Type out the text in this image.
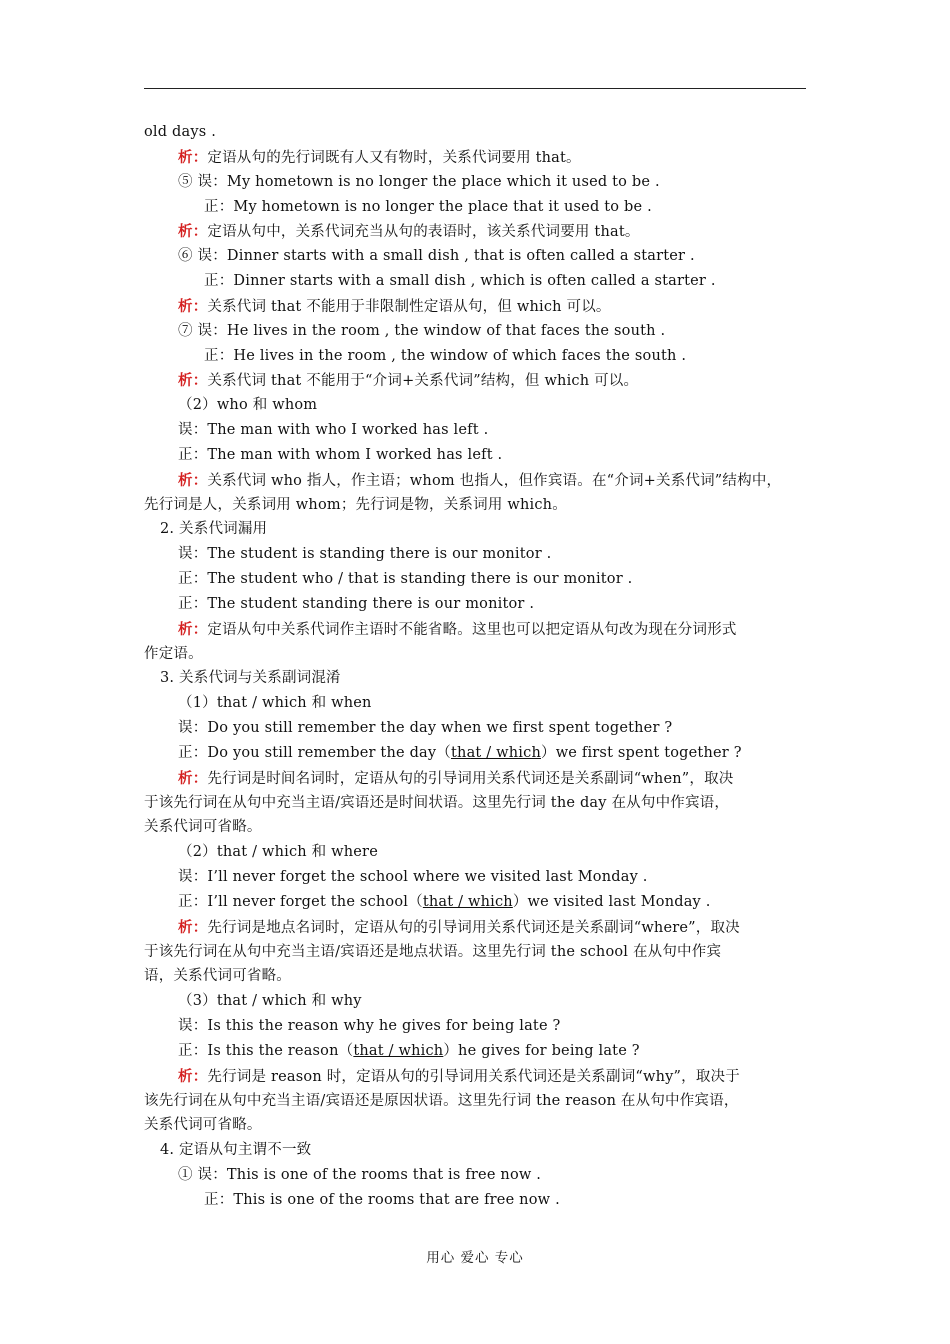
old days .
析：定语从句的先行词既有人又有物时，关系代词要用 that。
⑤ 误：My hometown is no longer the place which it used to be .
正：My hometown is no longer the place that it used to be .
析：定语从句中，关系代词充当从句的表语时，该关系代词要用 that。
⑥ 误：Dinner starts with a small dish , that is often called a starter .
正：Dinner starts with a small dish , which is often called a starter .
析：关系代词 that 不能用于非限制性定语从句，但 which 可以。
⑦ 误：He lives in the room , the window of that faces the south .
正：He lives in the room , the window of which faces the south .
析：关系代词 that 不能用于“介词+关系代词”结构，但 which 可以。
（2）who 和 whom
误：The man with who I worked has left .
正：The man with whom I worked has left .
析：关系代词 who 指人，作主语；whom 也指人，但作宾语。在“介词+关系代词”结构中，
先行词是人，关系词用 whom；先行词是物，关系词用 which。
2. 关系代词漏用
误：The student is standing there is our monitor .
正：The student who / that is standing there is our monitor .
正：The student standing there is our monitor .
析：定语从句中关系代词作主语时不能省略。这里也可以把定语从句改为现在分词形式
作定语。
3. 关系代词与关系副词混淆
（1）that / which 和 when
误：Do you still remember the day when we first spent together ?
正：Do you still remember the day（that / which）we first spent together ?
析：先行词是时间名词时，定语从句的引导词用关系代词还是关系副词“when”，取决
于该先行词在从句中充当主语/宾语还是时间状语。这里先行词 the day 在从句中作宾语，
关系代词可省略。
（2）that / which 和 where
误：I’ll never forget the school where we visited last Monday .
正：I’ll never forget the school（that / which）we visited last Monday .
析：先行词是地点名词时，定语从句的引导词用关系代词还是关系副词“where”，取决
于该先行词在从句中充当主语/宾语还是地点状语。这里先行词 the school 在从句中作宾
语，关系代词可省略。
（3）that / which 和 why
误：Is this the reason why he gives for being late ?
正：Is this the reason（that / which）he gives for being late ?
析：先行词是 reason 时，定语从句的引导词用关系代词还是关系副词“why”，取决于
该先行词在从句中充当主语/宾语还是原因状语。这里先行词 the reason 在从句中作宾语，
关系代词可省略。
4. 定语从句主谓不一致
① 误：This is one of the rooms that is free now .
正：This is one of the rooms that are free now .
用心 爱心 专心
